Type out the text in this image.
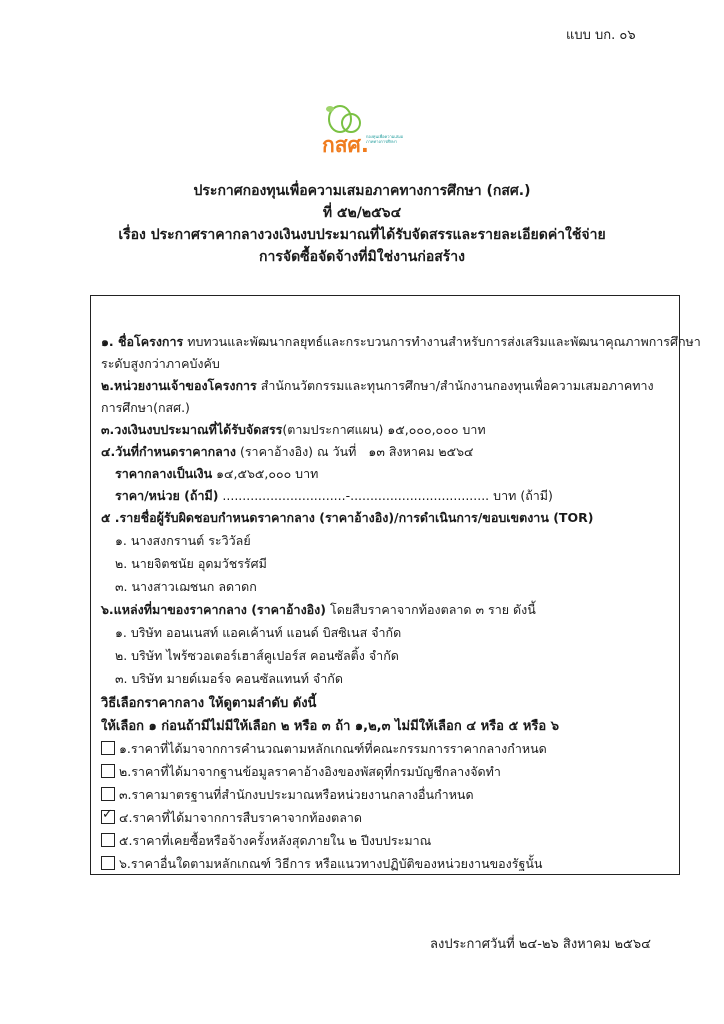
แบบ บก. ๐๖
กสศ.
กองทุนเพื่อความเสมอภาคทางการศึกษา
ประกาศกองทุนเพื่อความเสมอภาคทางการศึกษา (กสศ.)
ที่ ๕๒/๒๕๖๔
เรื่อง ประกาศราคากลางวงเงินงบประมาณที่ได้รับจัดสรรและรายละเอียดค่าใช้จ่าย
การจัดซื้อจัดจ้างที่มิใช่งานก่อสร้าง
๑. ชื่อโครงการ ทบทวนและพัฒนากลยุทธ์และกระบวนการทำงานสำหรับการส่งเสริมและพัฒนาคุณภาพการศึกษา
ระดับสูงกว่าภาคบังคับ
๒.หน่วยงานเจ้าของโครงการ สำนักนวัตกรรมและทุนการศึกษา/สำนักงานกองทุนเพื่อความเสมอภาคทาง
การศึกษา(กสศ.)
๓.วงเงินงบประมาณที่ได้รับจัดสรร(ตามประกาศแผน) ๑๕,๐๐๐,๐๐๐ บาท
๔.วันที่กำหนดราคากลาง (ราคาอ้างอิง) ณ วันที่ ๑๓ สิงหาคม ๒๕๖๔
ราคากลางเป็นเงิน ๑๔,๕๖๕,๐๐๐ บาท
ราคา/หน่วย (ถ้ามี) ...............................-................................... บาท (ถ้ามี)
๕ .รายชื่อผู้รับผิดชอบกำหนดราคากลาง (ราคาอ้างอิง)/การดำเนินการ/ขอบเขตงาน (TOR)
๑. นางสงกรานต์ ระวิวัลย์
๒. นายจิตชนัย อุดมวัชรรัศมี
๓. นางสาวเฌชนก ลดาดก
๖.แหล่งที่มาของราคากลาง (ราคาอ้างอิง) โดยสืบราคาจากท้องตลาด ๓ ราย ดังนี้
๑. บริษัท ออนเนสท์ แอคเค้านท์ แอนด์ บิสซิเนส จำกัด
๒. บริษัท ไพร้ซวอเตอร์เฮาส์คูเปอร์ส คอนซัลติ้ง จำกัด
๓. บริษัท มายด์เมอร์จ คอนซัลแทนท์ จำกัด
วิธีเลือกราคากลาง ให้ดูตามลำดับ ดังนี้
ให้เลือก ๑ ก่อนถ้ามีไม่มีให้เลือก ๒ หรือ ๓ ถ้า ๑,๒,๓ ไม่มีให้เลือก ๔ หรือ ๕ หรือ ๖
๑.ราคาที่ได้มาจากการคำนวณตามหลักเกณฑ์ที่คณะกรรมการราคากลางกำหนด
๒.ราคาที่ได้มาจากฐานข้อมูลราคาอ้างอิงของพัสดุที่กรมบัญชีกลางจัดทำ
๓.ราคามาตรฐานที่สำนักงบประมาณหรือหน่วยงานกลางอื่นกำหนด
✓๔.ราคาที่ได้มาจากการสืบราคาจากท้องตลาด
๕.ราคาที่เคยซื้อหรือจ้างครั้งหลังสุดภายใน ๒ ปีงบประมาณ
๖.ราคาอื่นใดตามหลักเกณฑ์ วิธีการ หรือแนวทางปฏิบัติของหน่วยงานของรัฐนั้น
ลงประกาศวันที่ ๒๔-๒๖ สิงหาคม ๒๕๖๔
